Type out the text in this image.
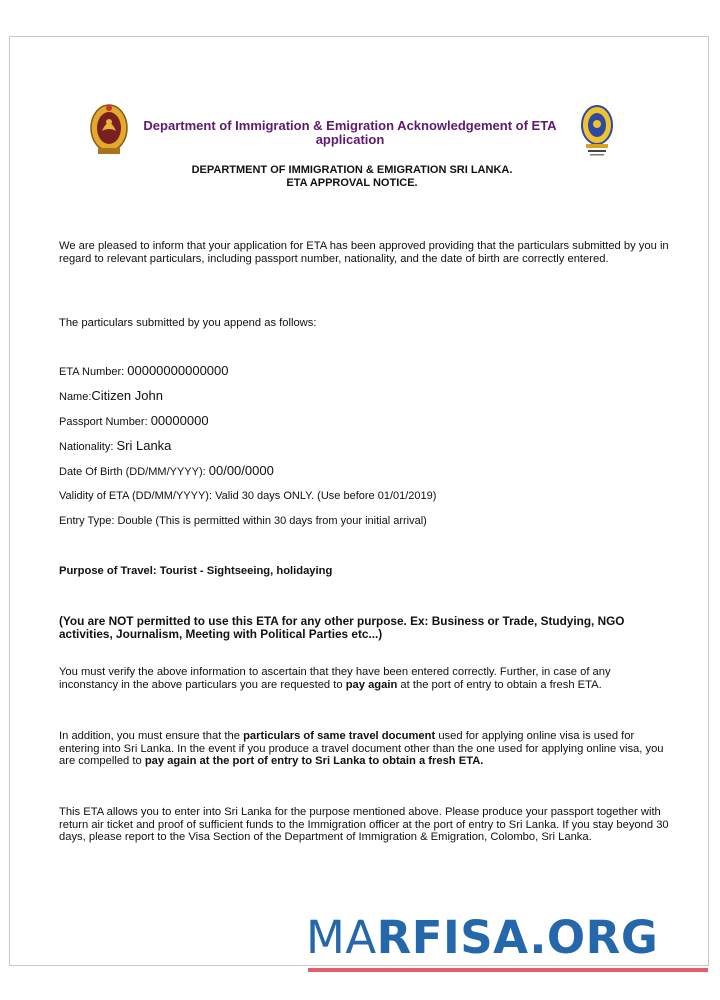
Department of Immigration & Emigration Acknowledgement of ETA application
DEPARTMENT OF IMMIGRATION & EMIGRATION SRI LANKA.
ETA APPROVAL NOTICE.
We are pleased to inform that your application for ETA has been approved providing that the particulars submitted by you in regard to relevant particulars, including passport number, nationality, and the date of birth are correctly entered.
The particulars submitted by you append as follows:
ETA Number: 00000000000000
Name:Citizen John
Passport Number: 00000000
Nationality: Sri Lanka
Date Of Birth (DD/MM/YYYY): 00/00/0000
Validity of ETA (DD/MM/YYYY): Valid 30 days ONLY. (Use before 01/01/2019)
Entry Type: Double (This is permitted within 30 days from your initial arrival)
Purpose of Travel: Tourist - Sightseeing, holidaying
(You are NOT permitted to use this ETA for any other purpose. Ex: Business or Trade, Studying, NGO activities, Journalism, Meeting with Political Parties etc...)
You must verify the above information to ascertain that they have been entered correctly. Further, in case of any inconstancy in the above particulars you are requested to pay again at the port of entry to obtain a fresh ETA.
In addition, you must ensure that the particulars of same travel document used for applying online visa is used for entering into Sri Lanka. In the event if you produce a travel document other than the one used for applying online visa, you are compelled to pay again at the port of entry to Sri Lanka to obtain a fresh ETA.
This ETA allows you to enter into Sri Lanka for the purpose mentioned above. Please produce your passport together with return air ticket and proof of sufficient funds to the Immigration officer at the port of entry to Sri Lanka. If you stay beyond 30 days, please report to the Visa Section of the Department of Immigration & Emigration, Colombo, Sri Lanka.
MARFISA.ORG
